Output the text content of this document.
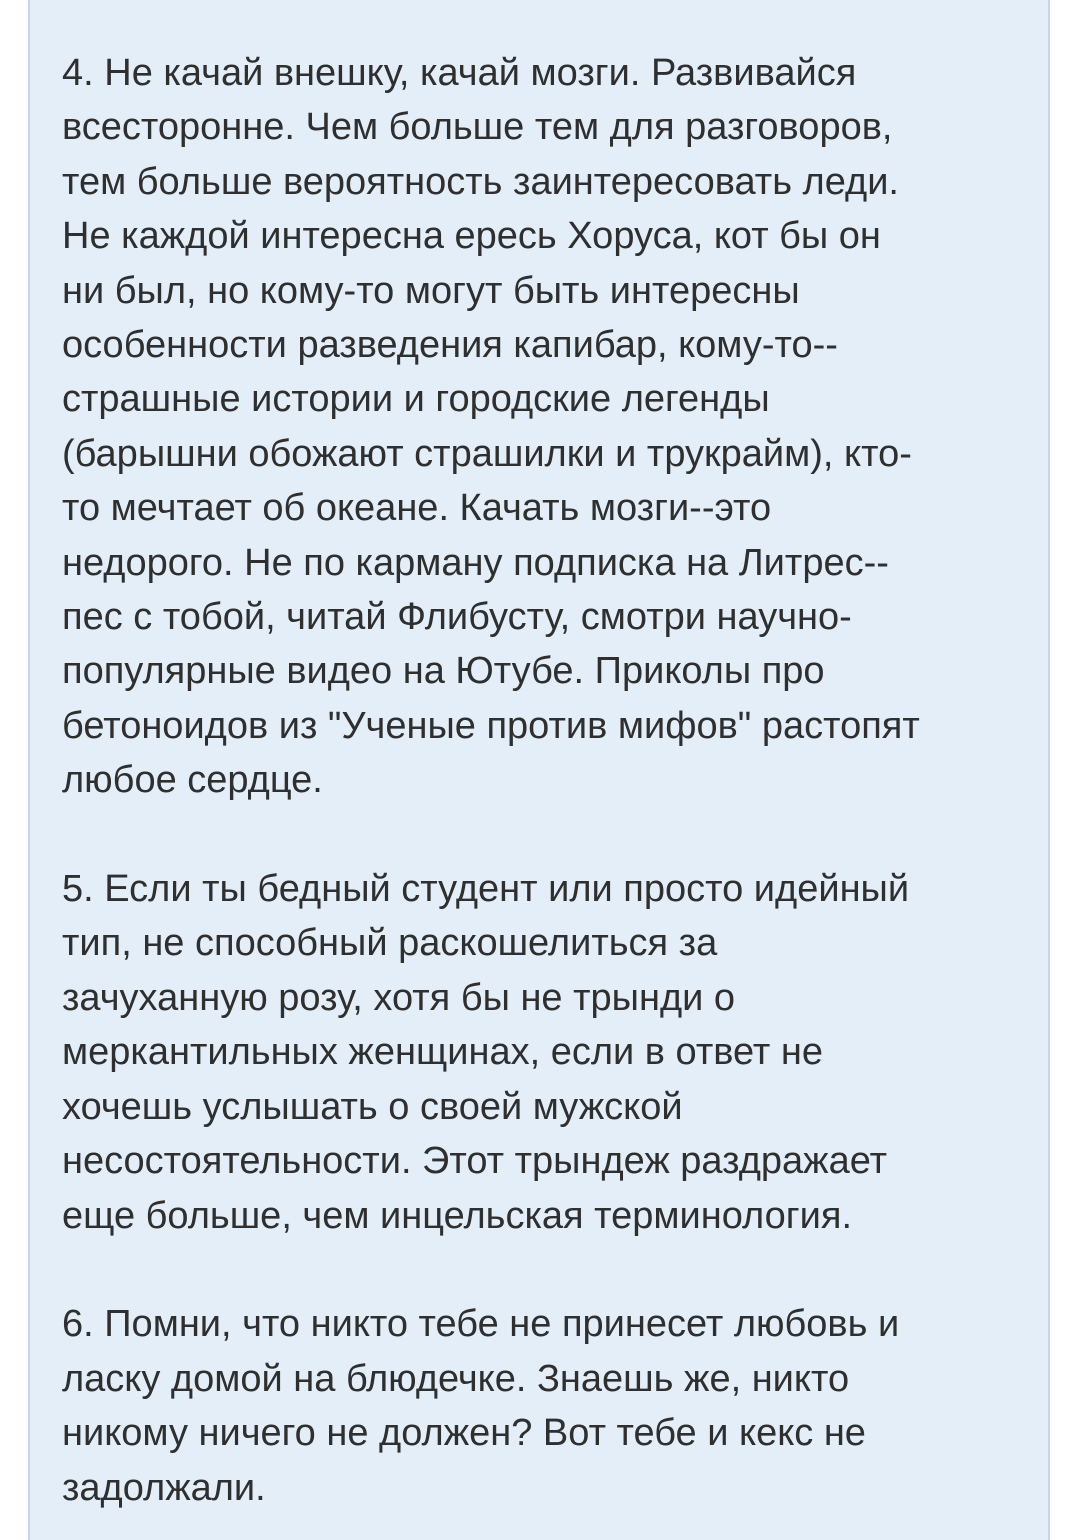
4. Не качай внешку, качай мозги. Развивайся
всесторонне. Чем больше тем для разговоров,
тем больше вероятность заинтересовать леди.
Не каждой интересна ересь Хоруса, кот бы он
ни был, но кому-то могут быть интересны
особенности разведения капибар, кому-то--
страшные истории и городские легенды
(барышни обожают страшилки и трукрайм), кто-
то мечтает об океане. Качать мозги--это
недорого. Не по карману подписка на Литрес--
пес с тобой, читай Флибусту, смотри научно-
популярные видео на Ютубе. Приколы про
бетоноидов из "Ученые против мифов" растопят
любое сердце.

5. Если ты бедный студент или просто идейный
тип, не способный раскошелиться за
зачуханную розу, хотя бы не трынди о
меркантильных женщинах, если в ответ не
хочешь услышать о своей мужской
несостоятельности. Этот трындеж раздражает
еще больше, чем инцельская терминология.

6. Помни, что никто тебе не принесет любовь и
ласку домой на блюдечке. Знаешь же, никто
никому ничего не должен? Вот тебе и кекс не
задолжали.
